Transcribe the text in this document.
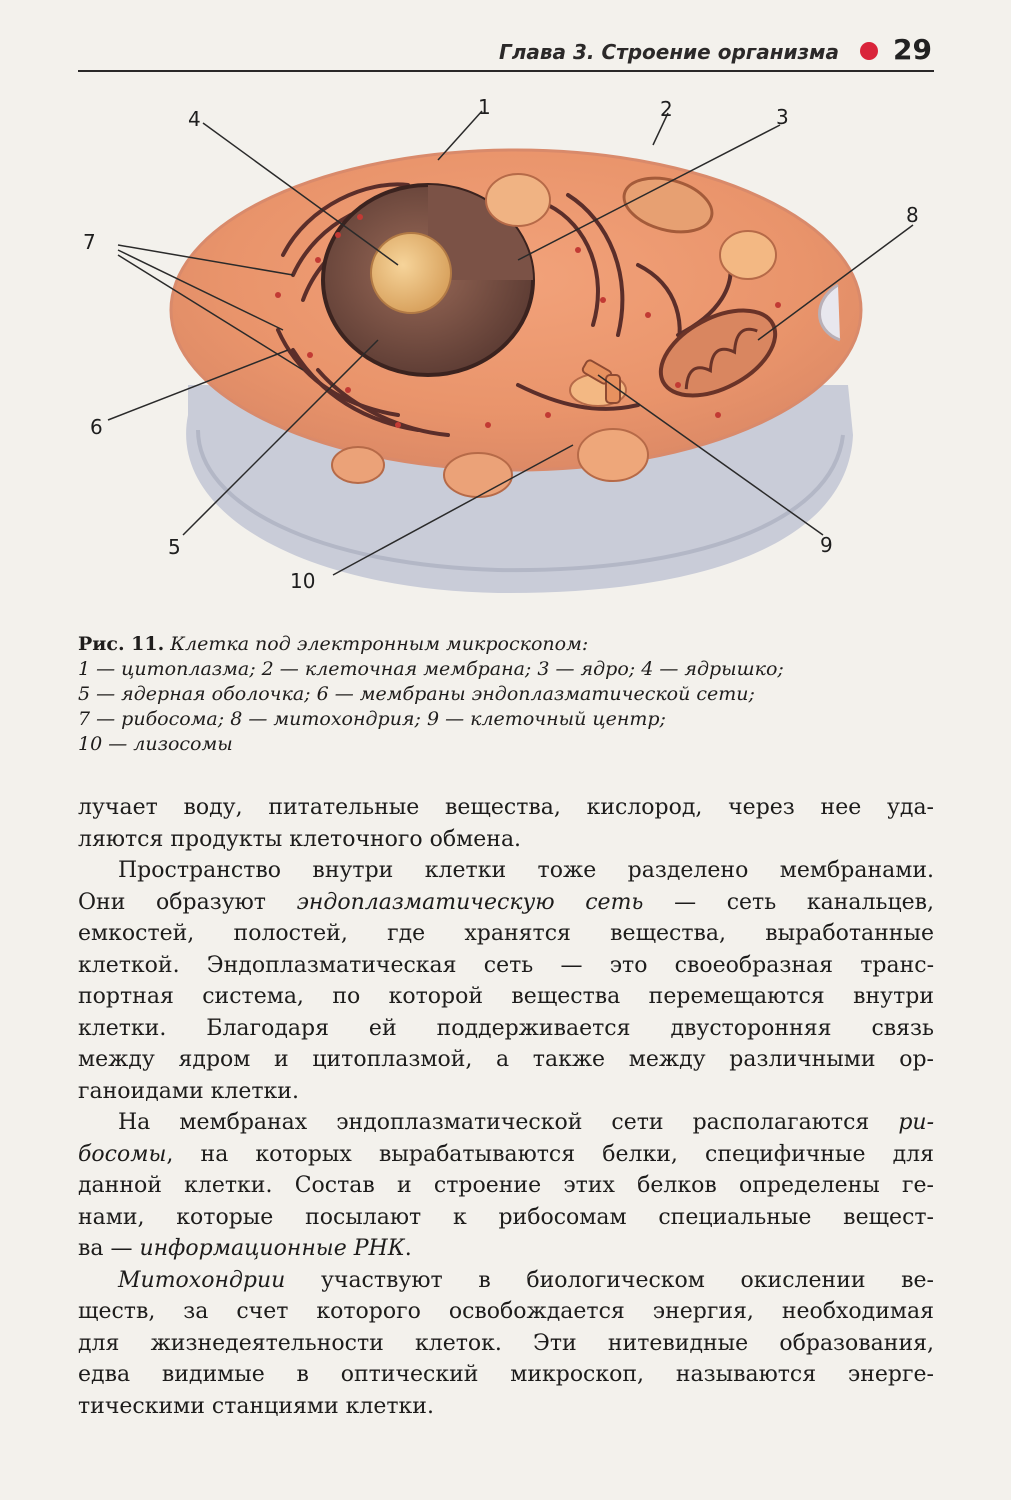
Глава 3. Строение организма 29
1	2	3
4
5
6
7
8
9
10
Рис. 11. Клетка под электронным микроскопом:
1 — цитоплазма; 2 — клеточная мембрана; 3 — ядро; 4 — ядрышко;
5 — ядерная оболочка; 6 — мембраны эндоплазматической сети;
7 — рибосома; 8 — митохондрия; 9 — клеточный центр;
10 — лизосомы
лучает воду, питательные вещества, кислород, через нее уда-
ляются продукты клеточного обмена.
Пространство внутри клетки тоже разделено мембранами.
Они образуют эндоплазматическую сеть — сеть канальцев,
емкостей, полостей, где хранятся вещества, выработанные
клеткой. Эндоплазматическая сеть — это своеобразная транс-
портная система, по которой вещества перемещаются внутри
клетки. Благодаря ей поддерживается двусторонняя связь
между ядром и цитоплазмой, а также между различными ор-
ганоидами клетки.
На мембранах эндоплазматической сети располагаются ри-
босомы, на которых вырабатываются белки, специфичные для
данной клетки. Состав и строение этих белков определены ге-
нами, которые посылают к рибосомам специальные вещест-
ва — информационные РНК.
Митохондрии участвуют в биологическом окислении ве-
ществ, за счет которого освобождается энергия, необходимая
для жизнедеятельности клеток. Эти нитевидные образования,
едва видимые в оптический микроскоп, называются энерге-
тическими станциями клетки.
